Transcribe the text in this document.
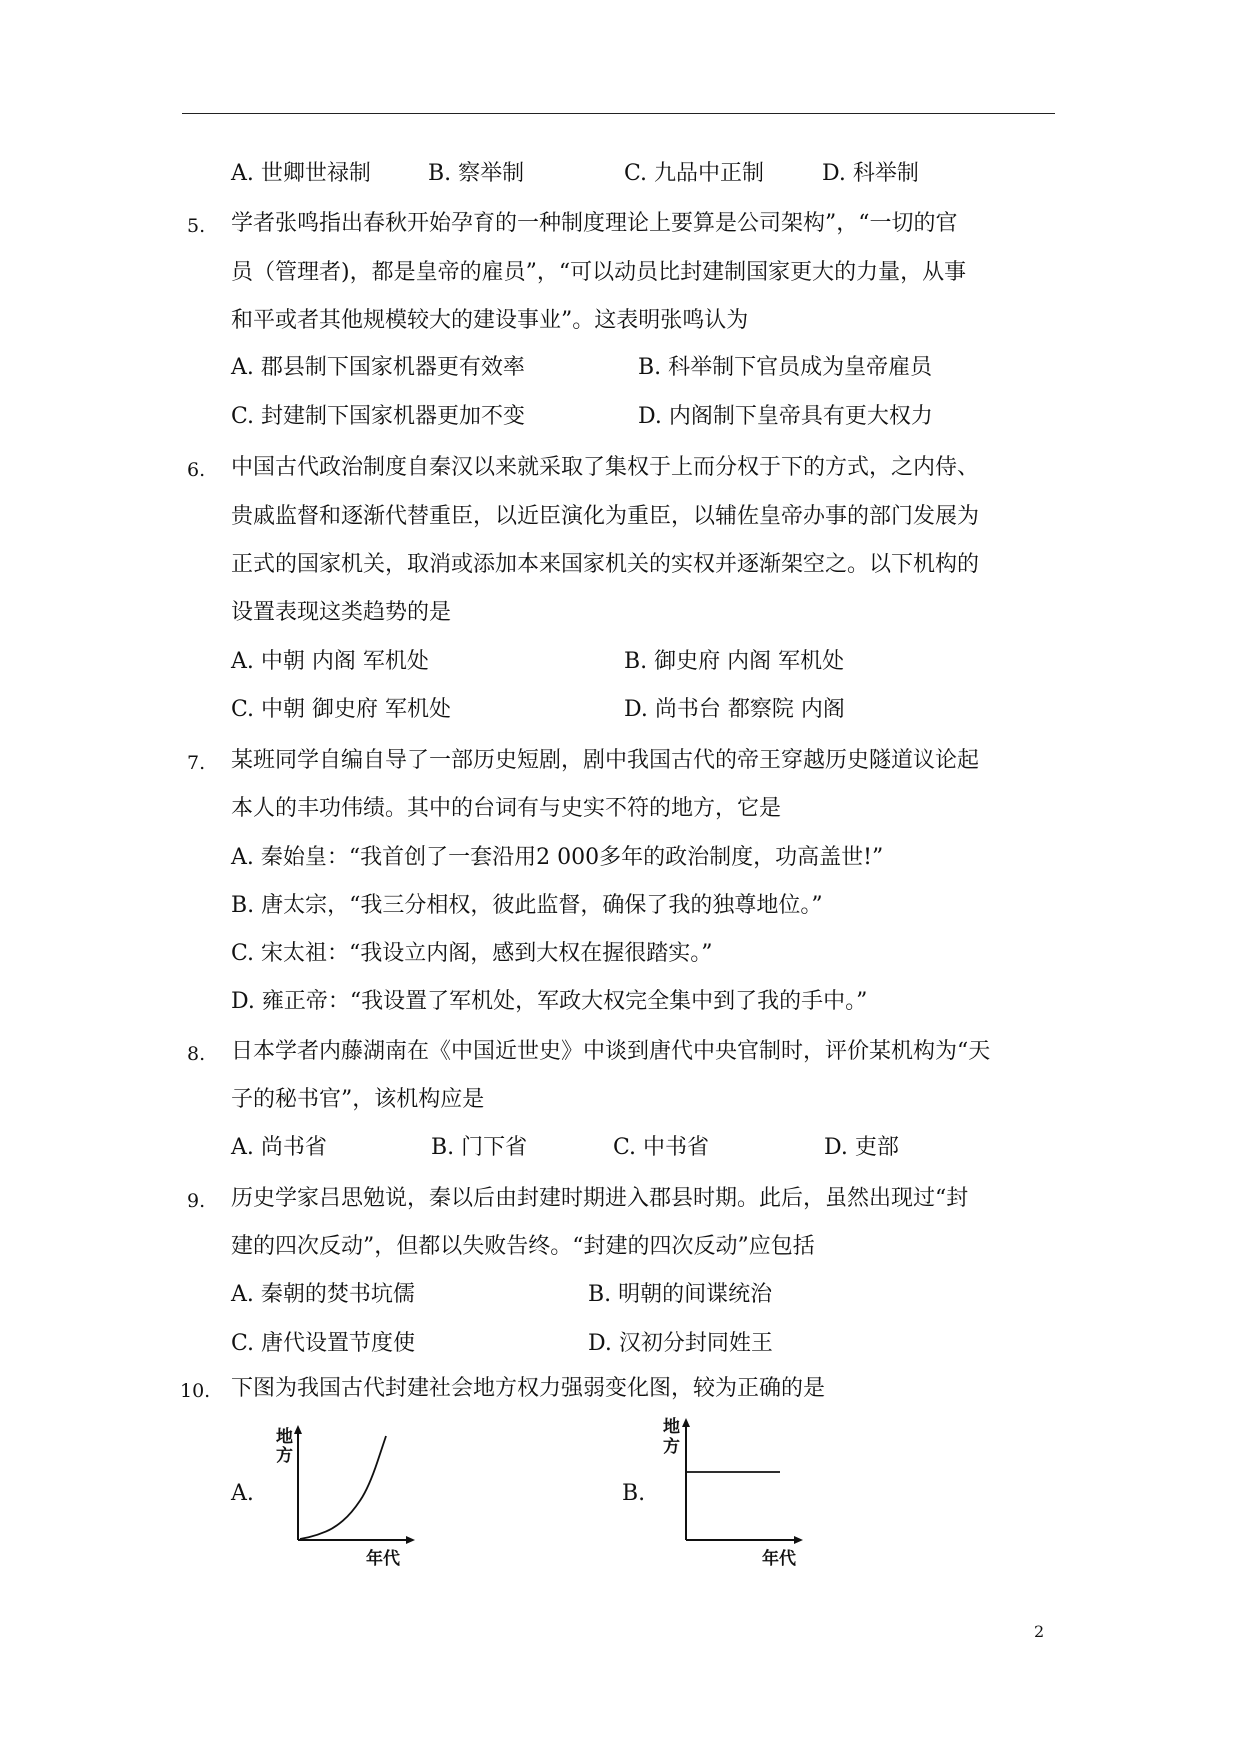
A. 世卿世禄制	B. 察举制	C. 九品中正制	D. 科举制
5. 学者张鸣指出春秋开始孕育的一种制度理论上要算是公司架构”，“一切的官
员（管理者)，都是皇帝的雇员”，“可以动员比封建制国家更大的力量，从事
和平或者其他规模较大的建设事业”。这表明张鸣认为
A. 郡县制下国家机器更有效率	B. 科举制下官员成为皇帝雇员
C. 封建制下国家机器更加不变	D. 内阁制下皇帝具有更大权力
6. 中国古代政治制度自秦汉以来就采取了集权于上而分权于下的方式，之内侍、
贵戚监督和逐渐代替重臣，以近臣演化为重臣，以辅佐皇帝办事的部门发展为
正式的国家机关，取消或添加本来国家机关的实权并逐渐架空之。以下机构的
设置表现这类趋势的是
A. 中朝 内阁 军机处	B. 御史府 内阁 军机处
C. 中朝 御史府 军机处	D. 尚书台 都察院 内阁
7. 某班同学自编自导了一部历史短剧，剧中我国古代的帝王穿越历史隧道议论起
本人的丰功伟绩。其中的台词有与史实不符的地方，它是
A. 秦始皇：“我首创了一套沿用2 000多年的政治制度，功高盖世!”
B. 唐太宗，“我三分相权，彼此监督，确保了我的独尊地位。”
C. 宋太祖：“我设立内阁，感到大权在握很踏实。”
D. 雍正帝：“我设置了军机处，军政大权完全集中到了我的手中。”
8. 日本学者内藤湖南在《中国近世史》中谈到唐代中央官制时，评价某机构为“天
子的秘书官”，该机构应是
A. 尚书省	B. 门下省	C. 中书省	D. 吏部
9. 历史学家吕思勉说，秦以后由封建时期进入郡县时期。此后，虽然出现过“封
建的四次反动”，但都以失败告终。“封建的四次反动”应包括
A. 秦朝的焚书坑儒	B. 明朝的间谍统治
C. 唐代设置节度使	D. 汉初分封同姓王
10. 下图为我国古代封建社会地方权力强弱变化图，较为正确的是
A.	B.
地
方
年代
地
方
年代
2
